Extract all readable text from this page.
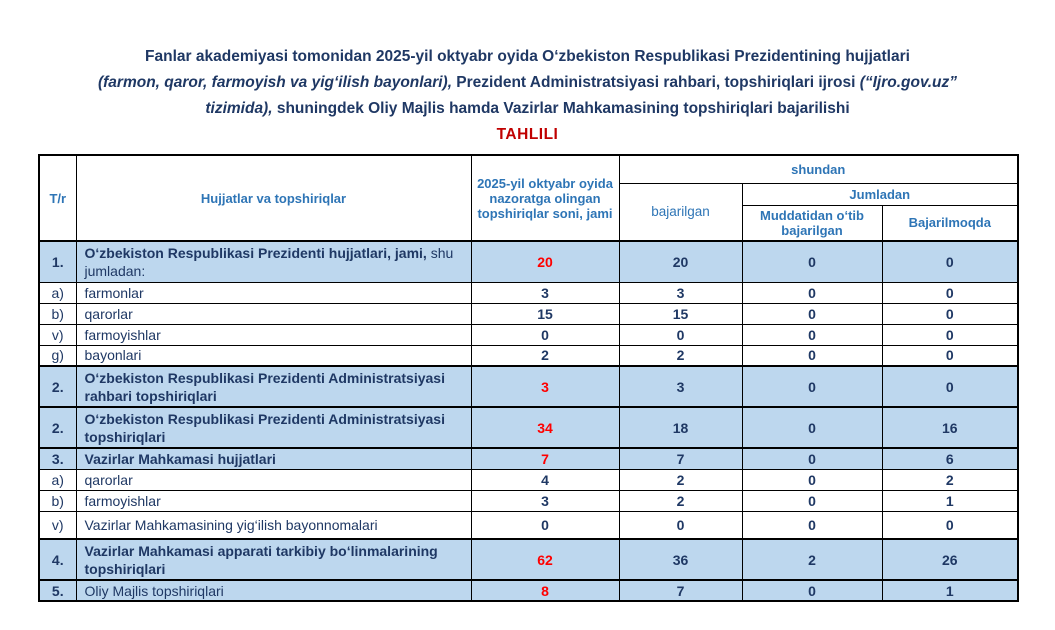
Fanlar akademiyasi tomonidan 2025-yil oktyabr oyida O‘zbekiston Respublikasi Prezidentining hujjatlari
(farmon, qaror, farmoyish va yig‘ilish bayonlari), Prezident Administratsiyasi rahbari, topshiriqlari ijrosi (“Ijro.gov.uz”
tizimida), shuningdek Oliy Majlis hamda Vazirlar Mahkamasining topshiriqlari bajarilishi
TAHLILI
T/r	Hujjatlar va topshiriqlar	2025-yil oktyabr oyida nazoratga olingan topshiriqlar soni, jami	shundan		
			bajarilgan	Jumladan	
				Muddatidan o‘tib bajarilgan	Bajarilmoqda
1.	O‘zbekiston Respublikasi Prezidenti hujjatlari, jami, shu jumladan:	20	20	0	0
a)	farmonlar	3	3	0	0
b)	qarorlar	15	15	0	0
v)	farmoyishlar	0	0	0	0
g)	bayonlari	2	2	0	0
2.	O‘zbekiston Respublikasi Prezidenti Administratsiyasi rahbari topshiriqlari	3	3	0	0
2.	O‘zbekiston Respublikasi Prezidenti Administratsiyasi topshiriqlari	34	18	0	16
3.	Vazirlar Mahkamasi hujjatlari	7	7	0	6
a)	qarorlar	4	2	0	2
b)	farmoyishlar	3	2	0	1
v)	Vazirlar Mahkamasining yig‘ilish bayonnomalari	0	0	0	0
4.	Vazirlar Mahkamasi apparati tarkibiy bo‘linmalarining topshiriqlari	62	36	2	26
5.	Oliy Majlis topshiriqlari	8	7	0	1
